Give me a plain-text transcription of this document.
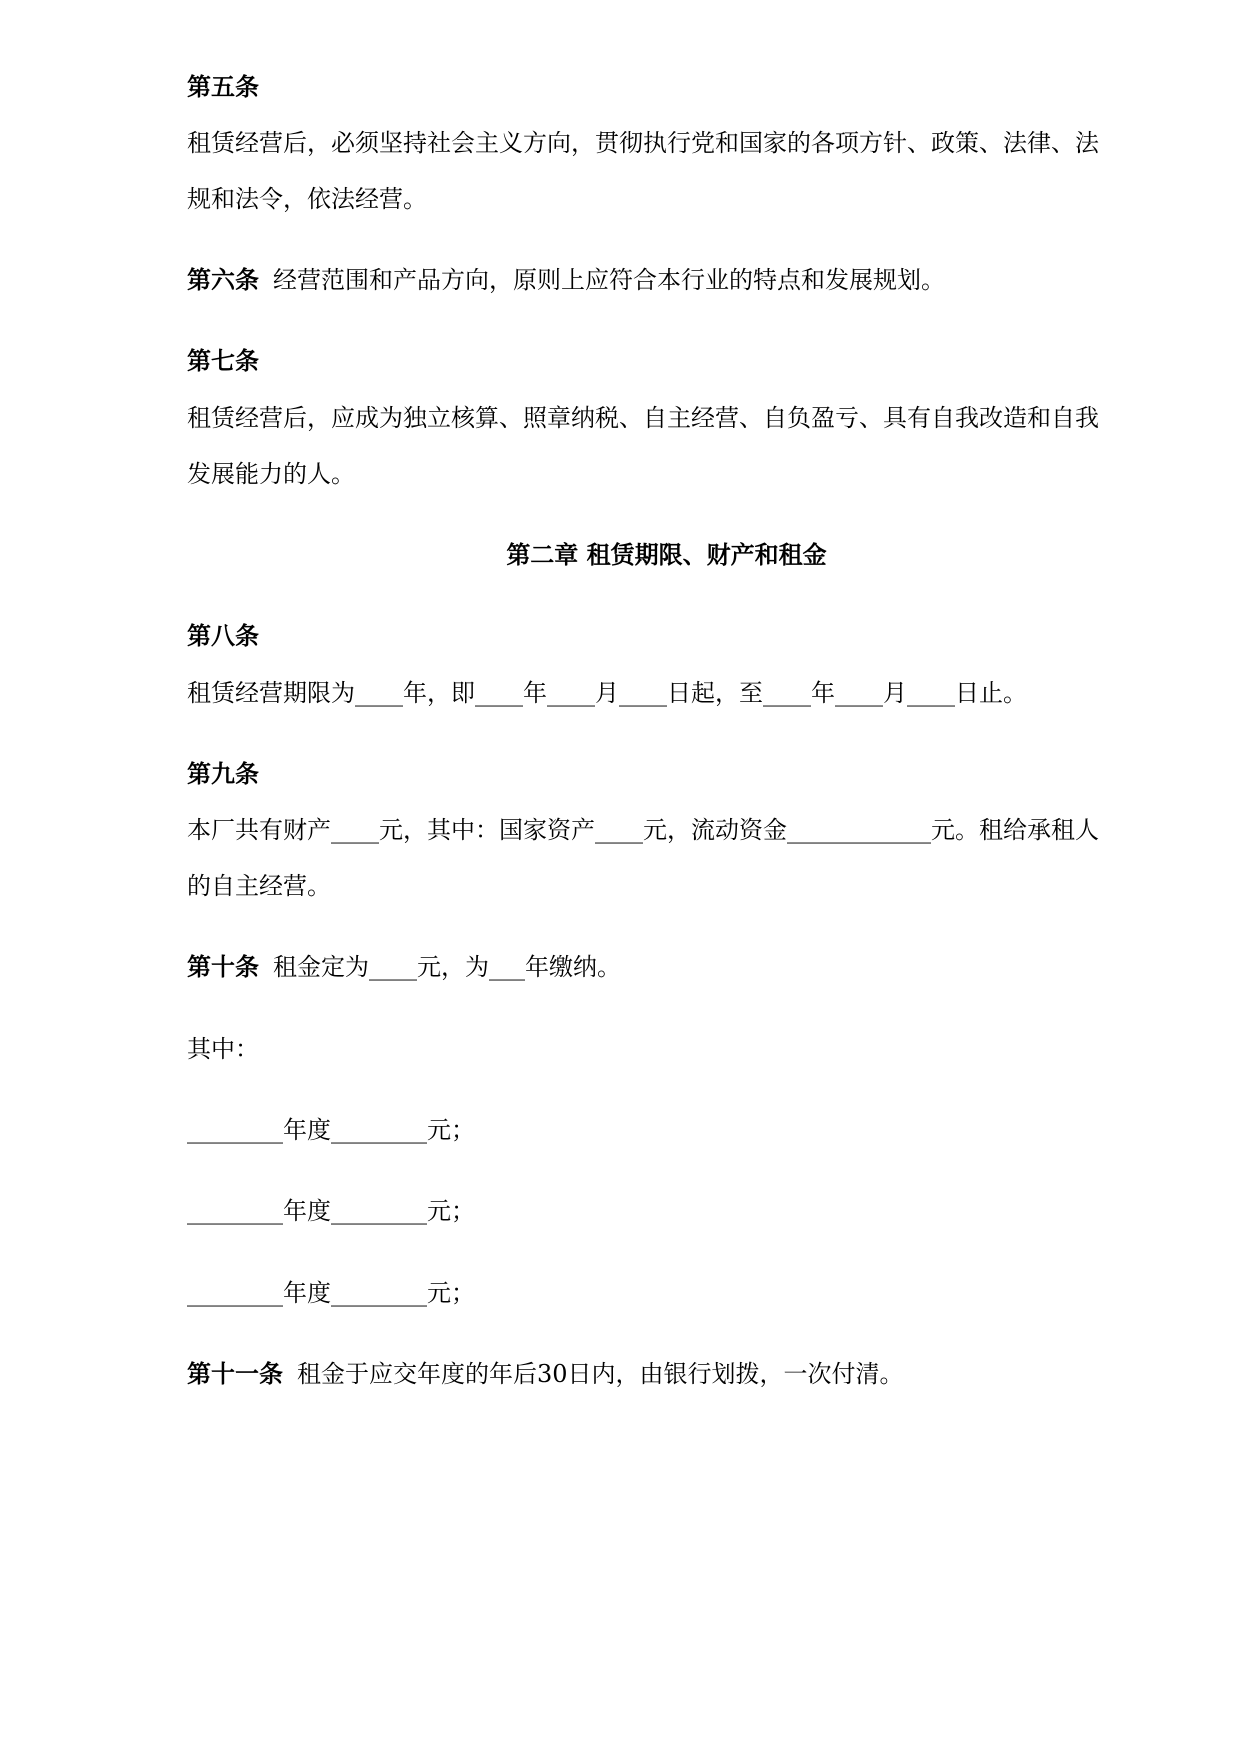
第五条
租赁经营后，必须坚持社会主义方向，贯彻执行党和国家的各项方针、政策、法律、法
规和法令，依法经营。
第六条 经营范围和产品方向，原则上应符合本行业的特点和发展规划。
第七条
租赁经营后，应成为独立核算、照章纳税、自主经营、自负盈亏、具有自我改造和自我
发展能力的人。
第二章 租赁期限、财产和租金
第八条
租赁经营期限为____年，即____年____月____日起，至____年____月____日止。
第九条
本厂共有财产____元，其中：国家资产____元，流动资金____________元。租给承租人
的自主经营。
第十条 租金定为____元，为___年缴纳。
其中：
________年度________元；
________年度________元；
________年度________元；
第十一条 租金于应交年度的年后30日内，由银行划拨，一次付清。
